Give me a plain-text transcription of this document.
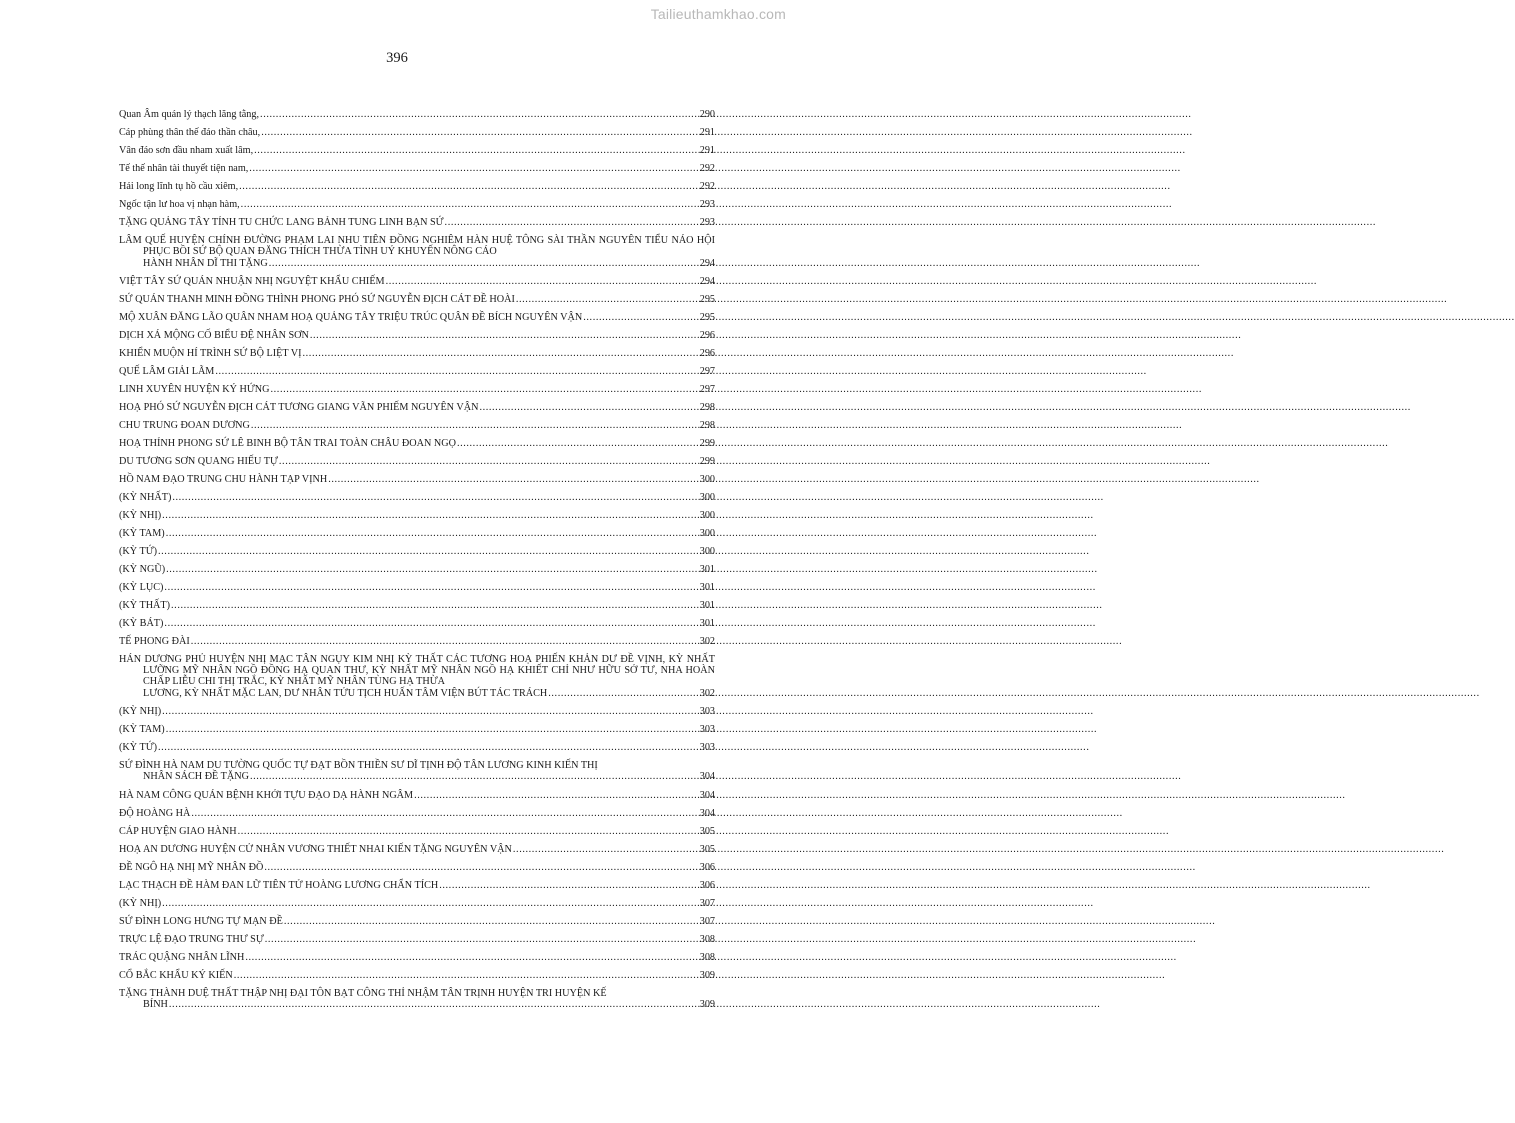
Tailieuthamkhao.com
396
Quan Âm quán lý thạch lăng tằng, .....	290
Cáp phùng thân thế đáo thần châu, .....	291
Vân đáo sơn đầu nham xuất lâm, .....	291
Tế thế nhân tài thuyết tiện nam, .....	292
Hải long lĩnh tụ hồ cầu xiêm, .....	292
Ngốc tận lư hoa vị nhạn hàm, .....	293
TẶNG QUẢNG TÂY TỈNH TU CHỨC LANG BẢNH TUNG LINH BẠN SỨ .....	293
LÂM QUẾ HUYỆN CHÍNH ĐƯỜNG PHẠM LAI NHU TIÊN ĐỒNG NGHIÊM HÀN HUỆ TÔNG SÀI THẦN NGUYÊN TIỂU NÁO HỘI PHỤC BỒI SỨ BỘ QUAN ĐĂNG THÍCH THỪA TÌNH UỶ KHUYẾN NÔNG CÁO
HÀNH NHÂN DĨ THI TẶNG .....	294
VIỆT TÂY SỨ QUÁN NHUẬN NHỊ NGUYỆT KHẨU CHIẾM .....	294
SỨ QUÁN THANH MINH ĐỒNG THÌNH PHONG PHÓ SỨ NGUYỄN ĐỊCH CÁT ĐỀ HOÀI .....	295
MỘ XUÂN ĐĂNG LÃO QUÂN NHAM HOẠ QUẢNG TÂY TRIỆU TRÚC QUÂN ĐỀ BÍCH NGUYÊN VẬN .....	295
DỊCH XÁ MỘNG CỐ BIỂU ĐỆ NHÂN SƠN .....	296
KHIỂN MUỘN HÍ TRÌNH SỨ BỘ LIỆT VỊ .....	296
QUẾ LÂM GIẢI LÃM .....	297
LINH XUYÊN HUYỆN KÝ HỨNG .....	297
HOẠ PHÓ SỨ NGUYỄN ĐỊCH CÁT TƯƠNG GIANG VÃN PHIẾM NGUYÊN VẬN .....	298
CHU TRUNG ĐOAN DƯƠNG .....	298
HOẠ THỈNH PHONG SỨ LÊ BINH BỘ TÂN TRAI TOÀN CHÂU ĐOAN NGỌ .....	299
DU TƯƠNG SƠN QUANG HIẾU TỰ .....	299
HỒ NAM ĐẠO TRUNG CHU HÀNH TẠP VỊNH .....	300
(KỲ NHẤT) .....	300
(KỲ NHỊ) .....	300
(KỲ TAM) .....	300
(KỲ TỨ) .....	300
(KỲ NGŨ) .....	301
(KỲ LỤC) .....	301
(KỲ THẤT) .....	301
(KỲ BÁT) .....	301
TẾ PHONG ĐÀI .....	302
HÁN DƯƠNG PHỦ HUYỆN NHỊ MẠC TÂN NGỤY KIM NHỊ KỲ THẤT CÁC TƯƠNG HOẠ PHIẾN KHẢN DƯ ĐỀ VỊNH, KỲ NHẤT LƯỠNG MỸ NHÂN NGỒ ĐỒNG HẠ QUAN THƯ, KỲ NHẤT MỸ NHÂN NGỒ HẠ KHIẾT CHỈ NHƯ HỮU SỞ TƯ, NHA HOÀN CHẤP LIỄU CHI THỊ TRẮC, KỲ NHẤT MỸ NHÂN TÙNG HẠ THỪA
LƯƠNG, KỲ NHẤT MẶC LAN, DƯ NHÂN TỬU TỊCH HUẤN TÂM VIỆN BÚT TÁC TRÁCH .....	302
(KỲ NHỊ) .....	303
(KỲ TAM) .....	303
(KỲ TỨ) .....	303
SỨ ĐÌNH HÀ NAM DU TƯỜNG QUỐC TỰ ĐẠT BỒN THIỀN SƯ DĨ TỊNH ĐỘ TÂN LƯƠNG KINH KIẾN THỊ
NHÂN SÁCH ĐỀ TẶNG .....	304
HÀ NAM CÔNG QUÁN BỆNH KHỞI TỰU ĐẠO DẠ HÀNH NGÂM .....	304
ĐỘ HOÀNG HÀ .....	304
CÁP HUYỆN GIAO HÀNH .....	305
HOẠ AN DƯƠNG HUYỆN CỬ NHÂN VƯƠNG THIẾT NHAI KIẾN TẶNG NGUYÊN VẬN .....	305
ĐỀ NGÔ HẠ NHỊ MỸ NHÂN ĐỒ .....	306
LẠC THẠCH ĐỀ HÀM ĐAN LỮ TIÊN TỬ HOÀNG LƯƠNG CHẨN TÍCH .....	306
(KỲ NHỊ) .....	307
SỨ ĐÌNH LONG HƯNG TỰ MẠN ĐỀ .....	307
TRỰC LỆ ĐẠO TRUNG THƯ SỰ .....	308
TRÁC QUẬNG NHÂN LĨNH .....	308
CỔ BẮC KHẨU KÝ KIẾN .....	309
TẶNG THÀNH DUỆ THẤT THẬP NHỊ ĐẠI TÔN BẠT CÔNG THỈ NHẬM TÂN TRỊNH HUYỆN TRI HUYỆN KẾ
BÍNH .....	309
